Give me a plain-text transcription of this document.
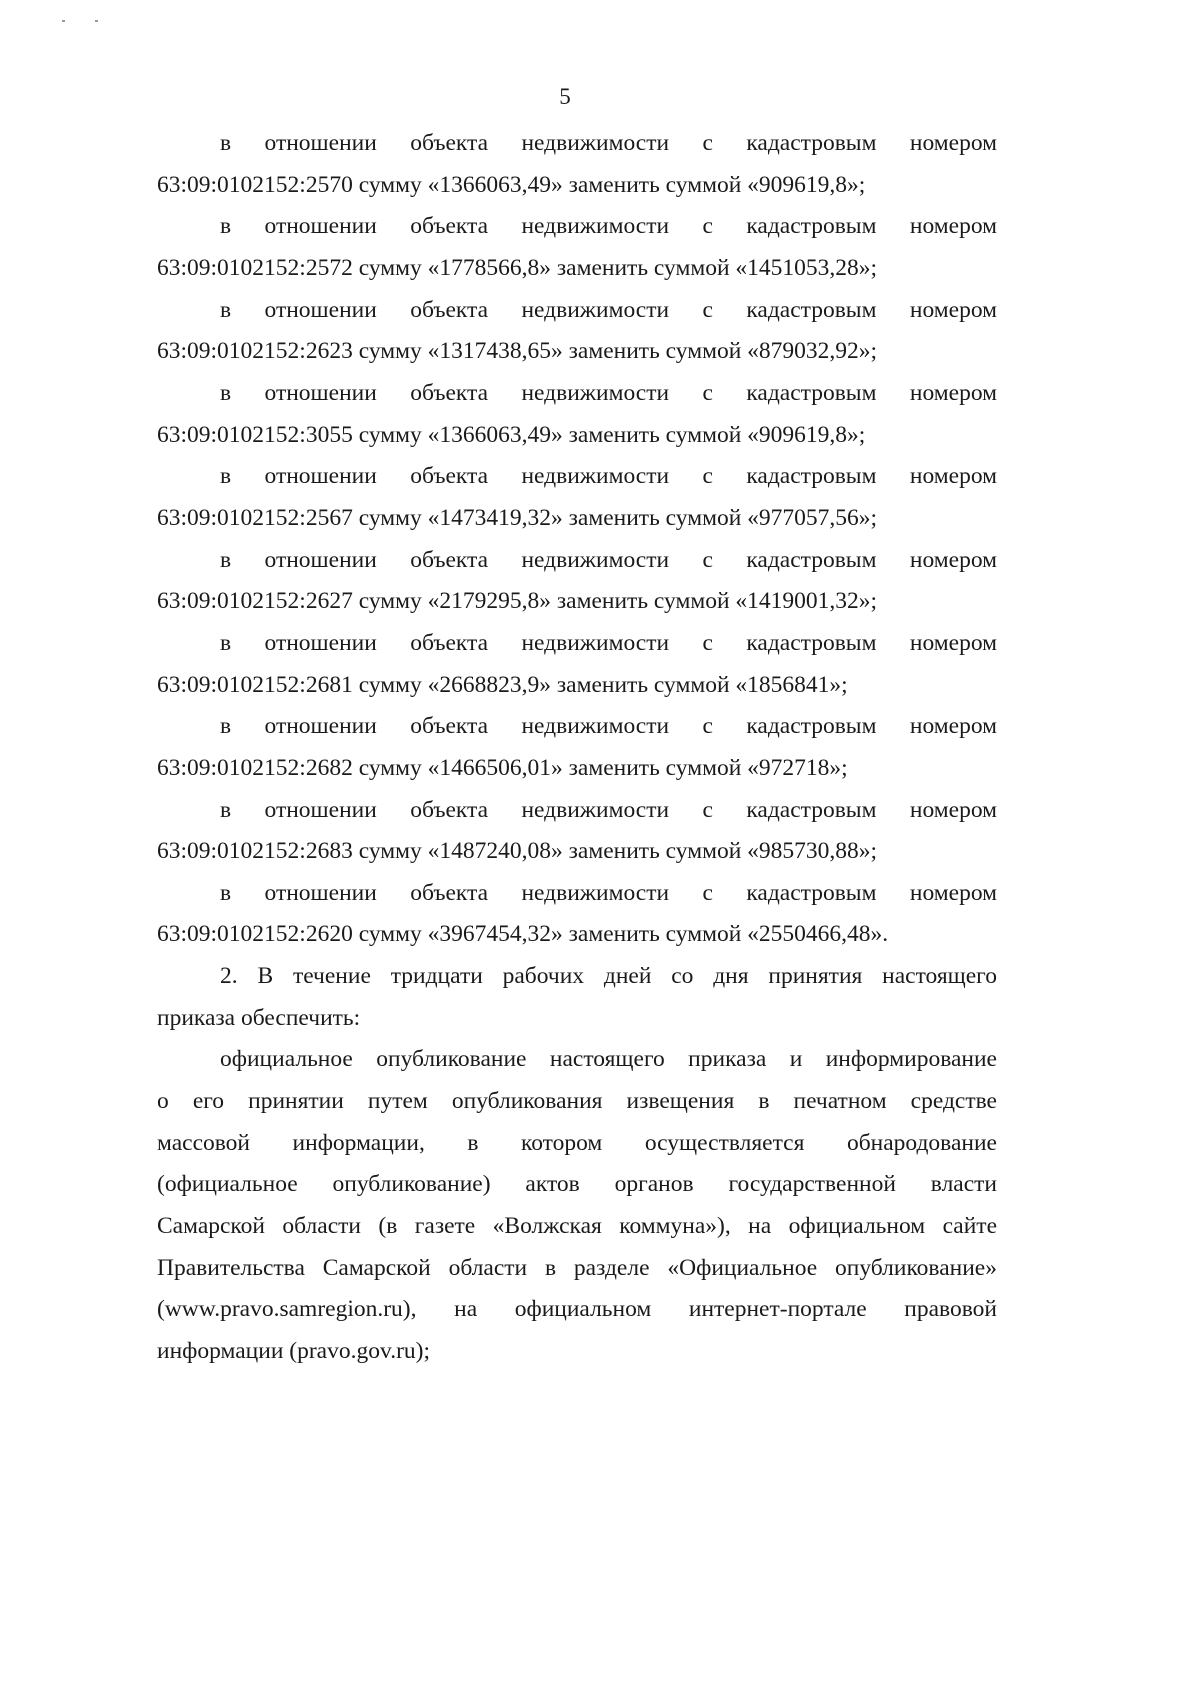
5
в отношении объекта недвижимости с кадастровым номером
63:09:0102152:2570 сумму «1366063,49» заменить суммой «909619,8»;
в отношении объекта недвижимости с кадастровым номером
63:09:0102152:2572 сумму «1778566,8» заменить суммой «1451053,28»;
в отношении объекта недвижимости с кадастровым номером
63:09:0102152:2623 сумму «1317438,65» заменить суммой «879032,92»;
в отношении объекта недвижимости с кадастровым номером
63:09:0102152:3055 сумму «1366063,49» заменить суммой «909619,8»;
в отношении объекта недвижимости с кадастровым номером
63:09:0102152:2567 сумму «1473419,32» заменить суммой «977057,56»;
в отношении объекта недвижимости с кадастровым номером
63:09:0102152:2627 сумму «2179295,8» заменить суммой «1419001,32»;
в отношении объекта недвижимости с кадастровым номером
63:09:0102152:2681 сумму «2668823,9» заменить суммой «1856841»;
в отношении объекта недвижимости с кадастровым номером
63:09:0102152:2682 сумму «1466506,01» заменить суммой «972718»;
в отношении объекта недвижимости с кадастровым номером
63:09:0102152:2683 сумму «1487240,08» заменить суммой «985730,88»;
в отношении объекта недвижимости с кадастровым номером
63:09:0102152:2620 сумму «3967454,32» заменить суммой «2550466,48».
2. В течение тридцати рабочих дней со дня принятия настоящего
приказа обеспечить:
официальное опубликование настоящего приказа и информирование
о его принятии путем опубликования извещения в печатном средстве
массовой информации, в котором осуществляется обнародование
(официальное опубликование) актов органов государственной власти
Самарской области (в газете «Волжская коммуна»), на официальном сайте
Правительства Самарской области в разделе «Официальное опубликование»
(www.pravo.samregion.ru), на официальном интернет-портале правовой
информации (pravo.gov.ru);
